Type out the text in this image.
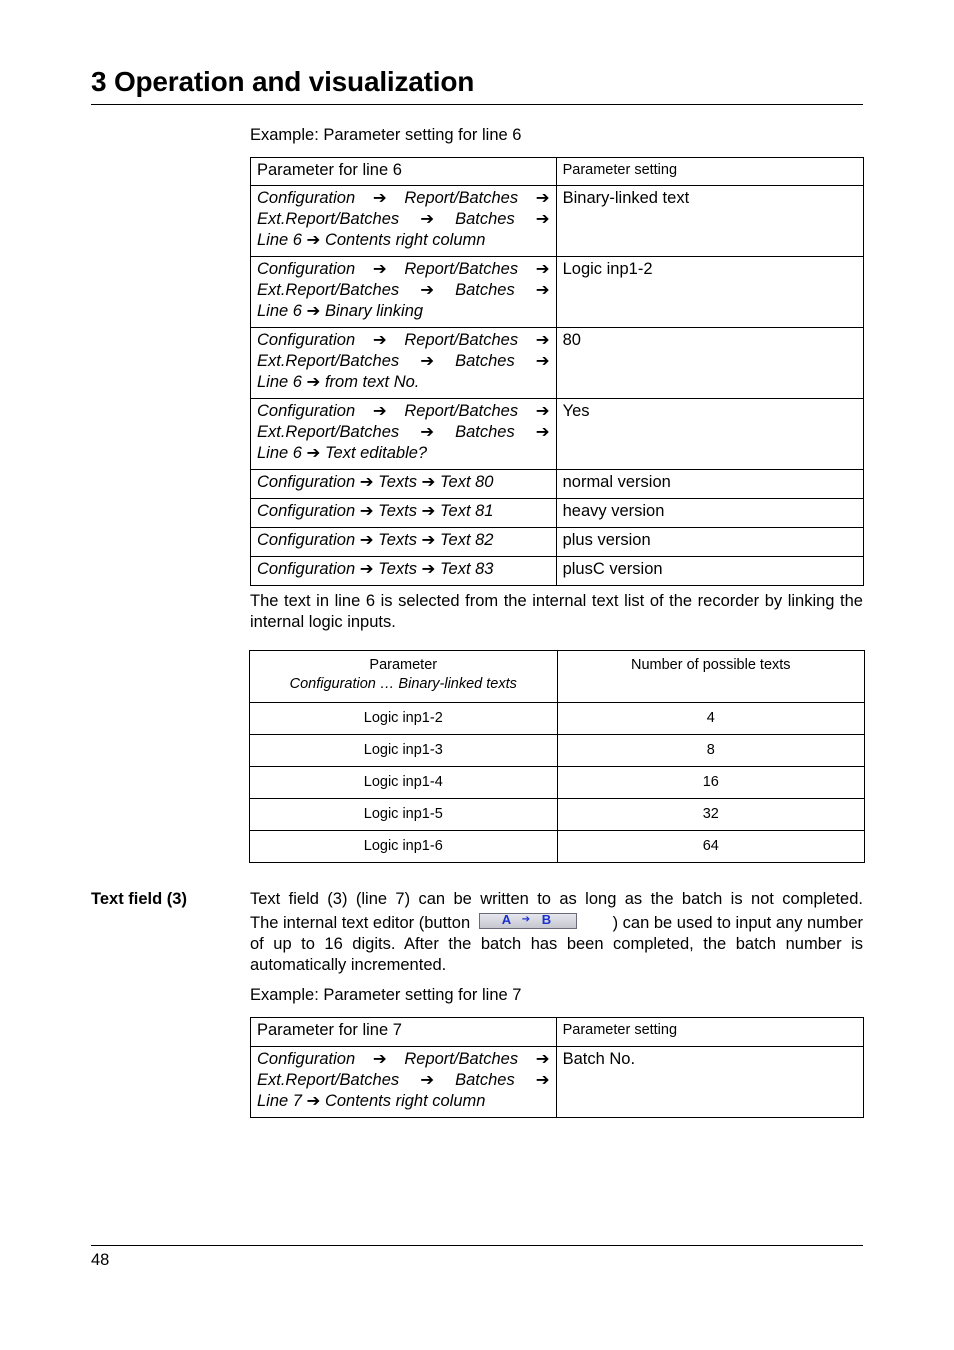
3 Operation and visualization
Example: Parameter setting for line 6
Parameter for line 6	Parameter setting

Configuration ➔ Report/Batches ➔
Ext.Report/Batches ➔ Batches ➔
Line 6 ➔ Contents right column	Binary-linked text

Configuration ➔ Report/Batches ➔
Ext.Report/Batches ➔ Batches ➔
Line 6 ➔ Binary linking	Logic inp1-2

Configuration ➔ Report/Batches ➔
Ext.Report/Batches ➔ Batches ➔
Line 6 ➔ from text No.	80

Configuration ➔ Report/Batches ➔
Ext.Report/Batches ➔ Batches ➔
Line 6 ➔ Text editable?	Yes

Configuration ➔ Texts ➔ Text 80	normal version

Configuration ➔ Texts ➔ Text 81	heavy version

Configuration ➔ Texts ➔ Text 82	plus version

Configuration ➔ Texts ➔ Text 83	plusC version
The text in line 6 is selected from the internal text list of the recorder by linking the internal logic inputs.
Parameter
Configuration … Binary-linked texts	Number of possible texts
Logic inp1-2	4
Logic inp1-3	8
Logic inp1-4	16
Logic inp1-5	32
Logic inp1-6	64
Text field (3)	Text field (3) (line 7) can be written to as long as the batch is not completed.
The internal text editor (button A ➔ B	) can be used to input any number
of up to 16 digits. After the batch has been completed, the batch number is automatically incremented.
Example: Parameter setting for line 7
Parameter for line 7	Parameter setting

Configuration ➔ Report/Batches ➔
Ext.Report/Batches ➔ Batches ➔
Line 7 ➔ Contents right column	Batch No.
48
